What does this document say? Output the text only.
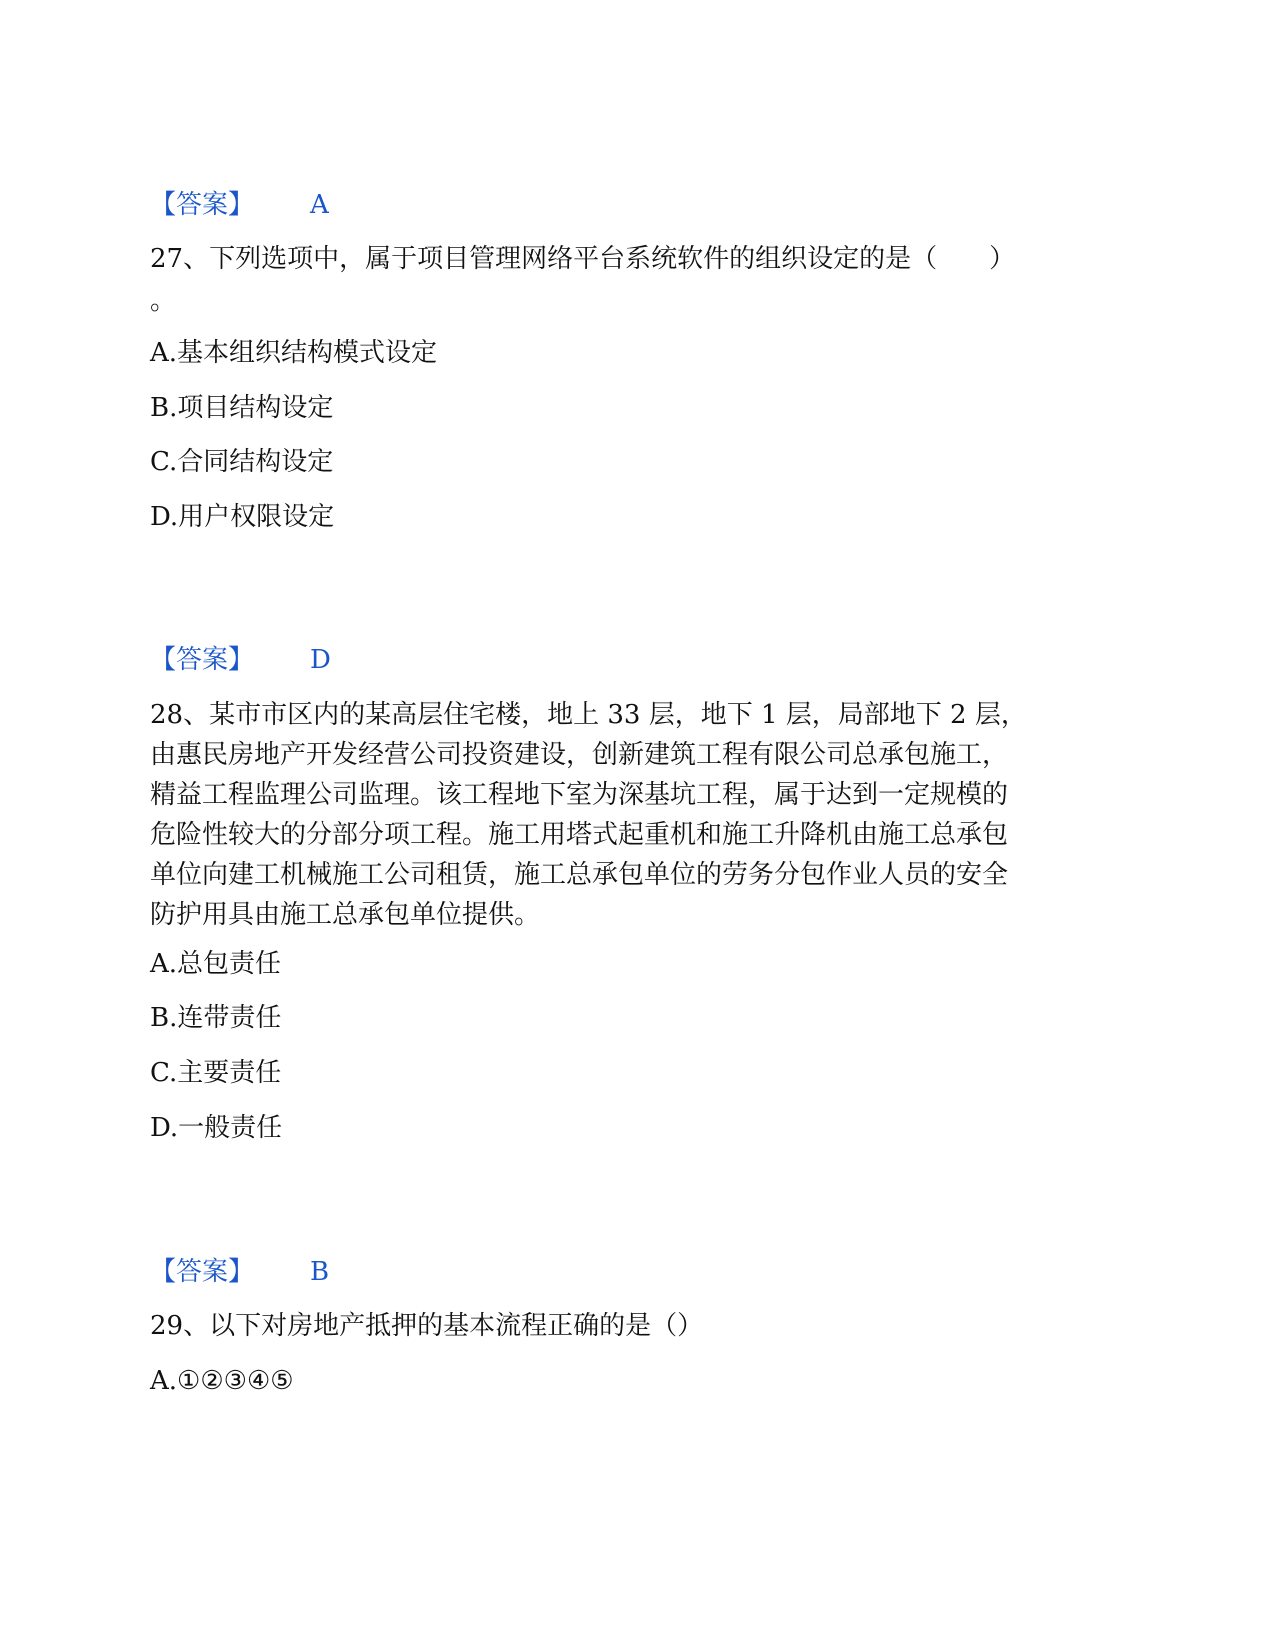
【答案】 A
27、下列选项中，属于项目管理网络平台系统软件的组织设定的是（　　）
。
A.基本组织结构模式设定
B.项目结构设定
C.合同结构设定
D.用户权限设定
【答案】 D
28、某市市区内的某高层住宅楼，地上 33 层，地下 1 层，局部地下 2 层，
由惠民房地产开发经营公司投资建设，创新建筑工程有限公司总承包施工，
精益工程监理公司监理。该工程地下室为深基坑工程，属于达到一定规模的
危险性较大的分部分项工程。施工用塔式起重机和施工升降机由施工总承包
单位向建工机械施工公司租赁，施工总承包单位的劳务分包作业人员的安全
防护用具由施工总承包单位提供。
A.总包责任
B.连带责任
C.主要责任
D.一般责任
【答案】 B
29、以下对房地产抵押的基本流程正确的是（）
A.①②③④⑤
